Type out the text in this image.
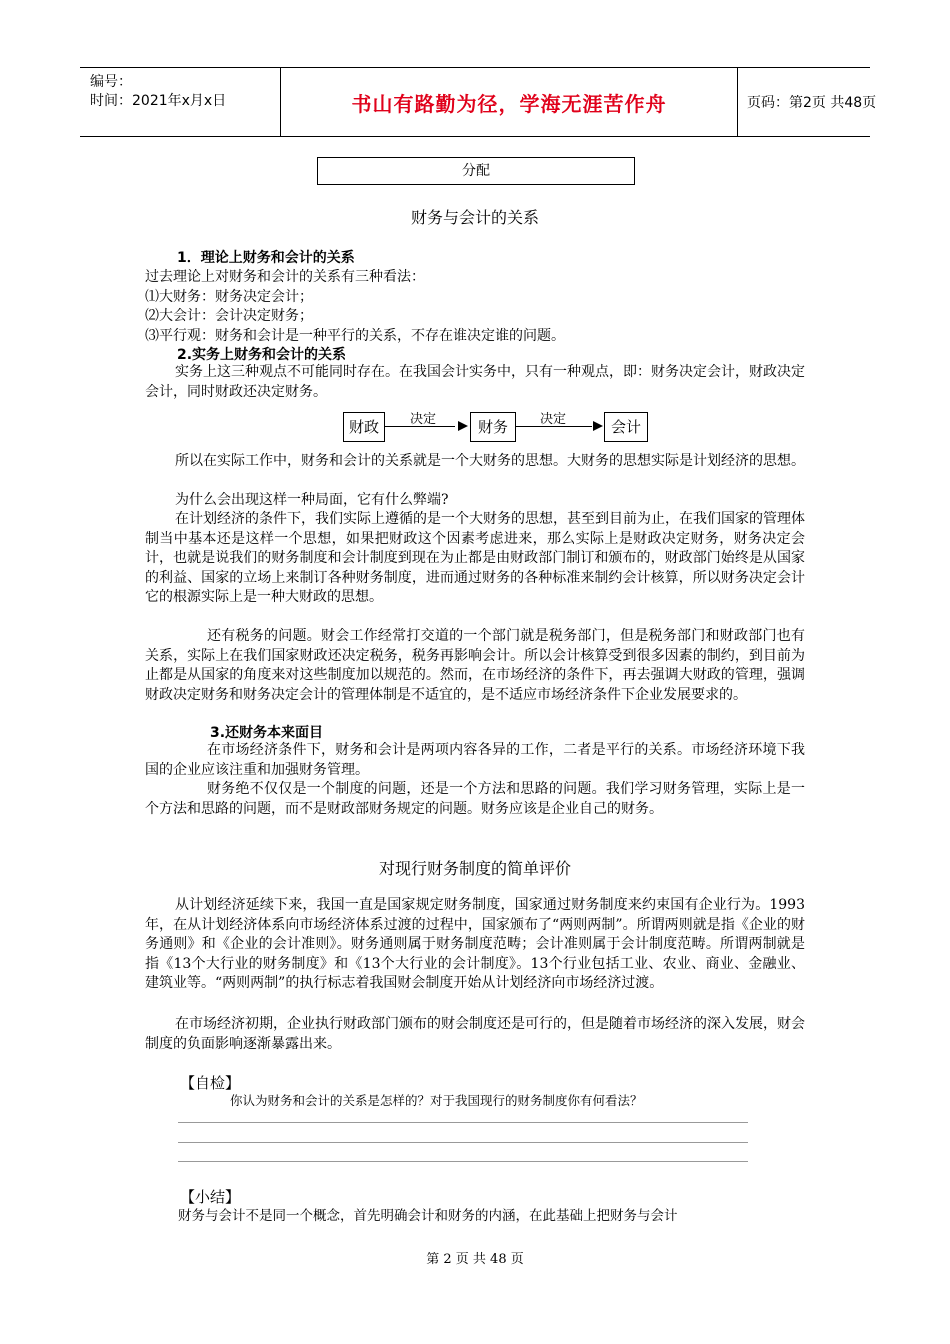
编号：
时间：2021年x月x日	书山有路勤为径，学海无涯苦作舟	页码：第2页 共48页
分配
财务与会计的关系
1．理论上财务和会计的关系
过去理论上对财务和会计的关系有三种看法：
⑴大财务：财务决定会计；
⑵大会计：会计决定财务；
⑶平行观：财务和会计是一种平行的关系，不存在谁决定谁的问题。
2.实务上财务和会计的关系
实务上这三种观点不可能同时存在。在我国会计实务中，只有一种观点，即：财务决定会计，财政决定会计，同时财政还决定财务。
财政	决定	财务	决定	会计
所以在实际工作中，财务和会计的关系就是一个大财务的思想。大财务的思想实际是计划经济的思想。
为什么会出现这样一种局面，它有什么弊端?
在计划经济的条件下，我们实际上遵循的是一个大财务的思想，甚至到目前为止，在我们国家的管理体制当中基本还是这样一个思想，如果把财政这个因素考虑进来，那么实际上是财政决定财务，财务决定会计，也就是说我们的财务制度和会计制度到现在为止都是由财政部门制订和颁布的，财政部门始终是从国家的利益、国家的立场上来制订各种财务制度，进而通过财务的各种标准来制约会计核算，所以财务决定会计它的根源实际上是一种大财政的思想。
还有税务的问题。财会工作经常打交道的一个部门就是税务部门，但是税务部门和财政部门也有关系，实际上在我们国家财政还决定税务，税务再影响会计。所以会计核算受到很多因素的制约，到目前为止都是从国家的角度来对这些制度加以规范的。然而，在市场经济的条件下，再去强调大财政的管理，强调财政决定财务和财务决定会计的管理体制是不适宜的，是不适应市场经济条件下企业发展要求的。
3.还财务本来面目
在市场经济条件下，财务和会计是两项内容各异的工作，二者是平行的关系。市场经济环境下我国的企业应该注重和加强财务管理。
财务绝不仅仅是一个制度的问题，还是一个方法和思路的问题。我们学习财务管理，实际上是一个方法和思路的问题，而不是财政部财务规定的问题。财务应该是企业自己的财务。
对现行财务制度的简单评价
从计划经济延续下来，我国一直是国家规定财务制度，国家通过财务制度来约束国有企业行为。1993年，在从计划经济体系向市场经济体系过渡的过程中，国家颁布了“两则两制”。所谓两则就是指《企业的财务通则》和《企业的会计准则》。财务通则属于财务制度范畴；会计准则属于会计制度范畴。所谓两制就是指《13个大行业的财务制度》和《13个大行业的会计制度》。13个行业包括工业、农业、商业、金融业、建筑业等。“两则两制”的执行标志着我国财会制度开始从计划经济向市场经济过渡。
在市场经济初期，企业执行财政部门颁布的财会制度还是可行的，但是随着市场经济的深入发展，财会制度的负面影响逐渐暴露出来。
【自检】
你认为财务和会计的关系是怎样的？对于我国现行的财务制度你有何看法？
【小结】
财务与会计不是同一个概念，首先明确会计和财务的内涵，在此基础上把财务与会计
第 2 页 共 48 页
